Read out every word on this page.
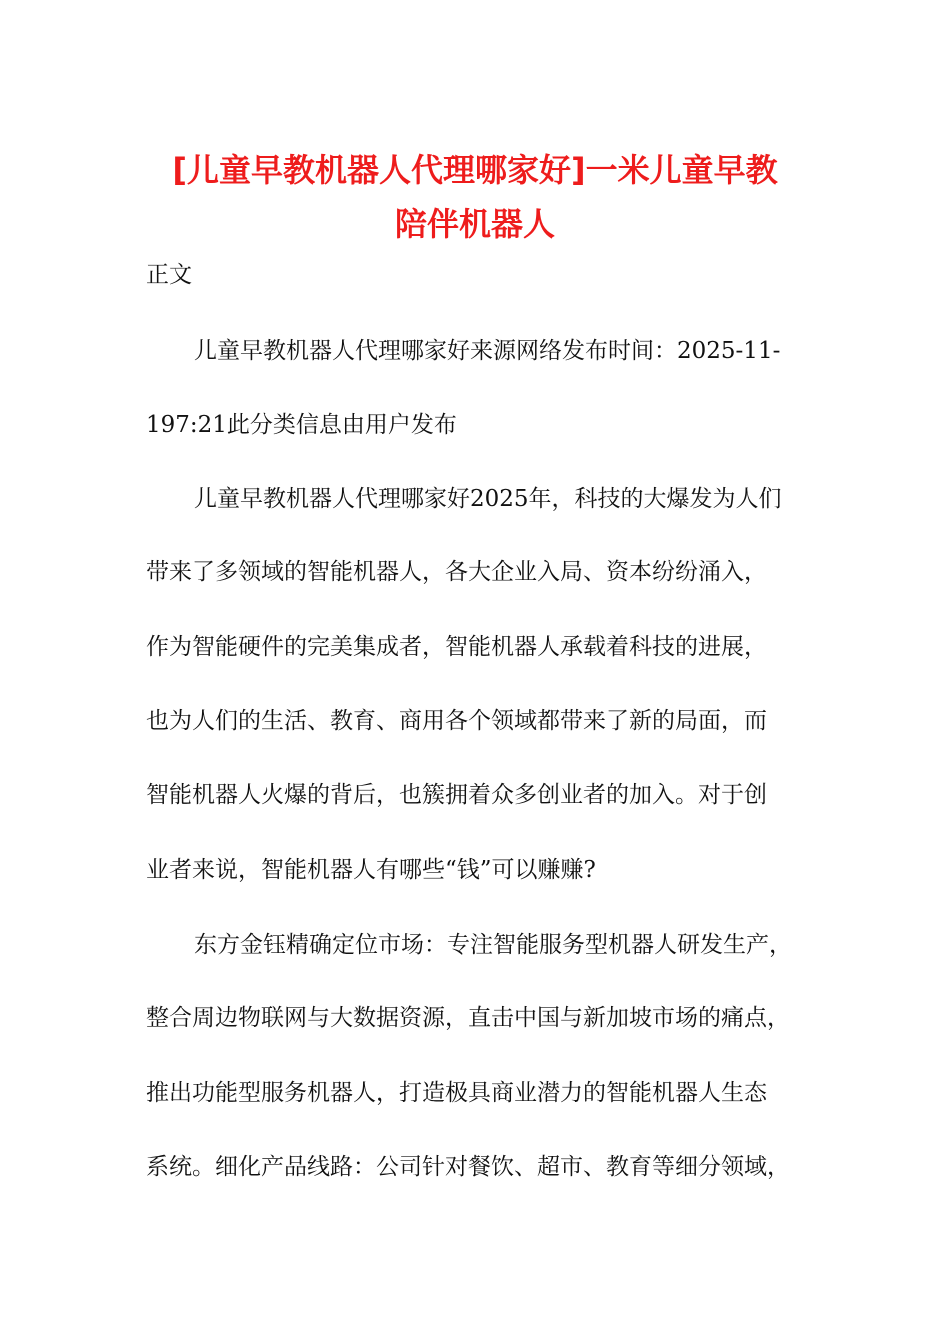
[儿童早教机器人代理哪家好]一米儿童早教
陪伴机器人
正文
儿童早教机器人代理哪家好来源网络发布时间：2025-11-
197:21此分类信息由用户发布
儿童早教机器人代理哪家好2025年，科技的大爆发为人们
带来了多领域的智能机器人，各大企业入局、资本纷纷涌入，
作为智能硬件的完美集成者，智能机器人承载着科技的进展，
也为人们的生活、教育、商用各个领域都带来了新的局面，而
智能机器人火爆的背后，也簇拥着众多创业者的加入。对于创
业者来说，智能机器人有哪些“钱”可以赚赚?
东方金钰精确定位市场：专注智能服务型机器人研发生产，
整合周边物联网与大数据资源，直击中国与新加坡市场的痛点，
推出功能型服务机器人，打造极具商业潜力的智能机器人生态
系统。细化产品线路：公司针对餐饮、超市、教育等细分领域，
